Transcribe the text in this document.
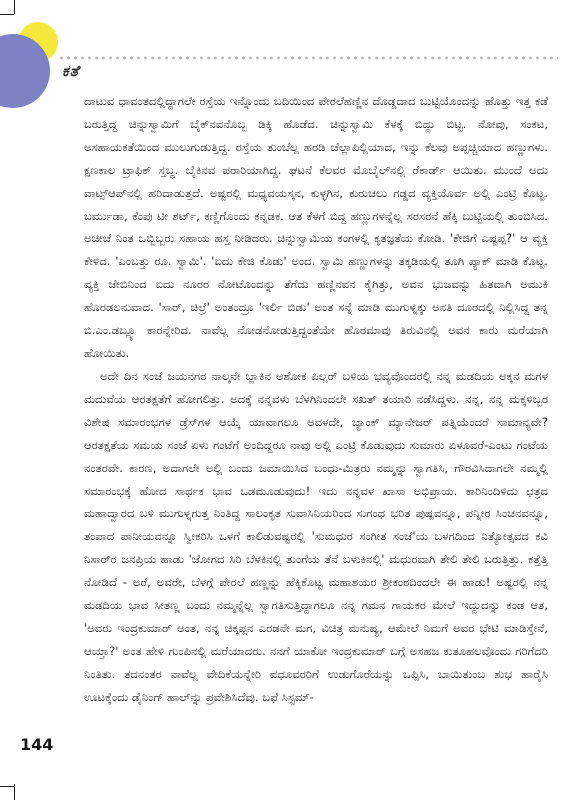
ಕತೆ

ದಾಟುವ ಧಾವಂತದಲ್ಲಿದ್ದಾಗಲೇ ರಸ್ತೆಯ ಇನ್ನೊಂದು ಬದಿಯಿಂದ ಪೇರಲೆಹಣ್ಣಿನ ದೊಡ್ಡದಾದ ಬುಟ್ಟಿಯೊಂದನ್ನು ಹೊತ್ತು ಇತ್ತ ಕಡೆ ಬರುತ್ತಿದ್ದ ಚಿನ್ನುಸ್ವಾಮಿಗೆ ಬೈಕ್‌ನವನೊಬ್ಬ ಡಿಕ್ಕಿ ಹೊಡೆದ. ಚಿನ್ನುಸ್ವಾಮಿ ಕೆಳಕ್ಕೆ ಬಿದ್ದು ಬಿಟ್ಟ. ನೋವು, ಸಂಕಟ, ಅಸಹಾಯಕತೆಯಿಂದ ಮುಲುಗುಡುತ್ತಿದ್ದ. ರಸ್ತೆಯ ತುಂಬೆಲ್ಲ ಹರಡಿ ಚೆಲ್ಲಾಪಿಲ್ಲಿಯಾದ, ಇನ್ನು ಕೆಲವು ಅಪ್ಪಚ್ಚಿಯಾದ ಹಣ್ಣುಗಳು. ಕ್ಷಣಕಾಲ ಟ್ರಾಫಿಕ್ ಸ್ತಬ್ಧ. ಬೈಕಿನವ ಪರಾರಿಯಾಗಿದ್ದ. ಘಟನೆ ಕೆಲವರ ಮೊಬೈಲ್‌ನಲ್ಲಿ ರೆಕಾರ್ಡ್ ಆಯಿತು. ಮುಂದೆ ಅದು ವಾಟ್ಸ್‌ಆಪ್‌ನಲ್ಲಿ ಹರಿದಾಡುತ್ತದೆ. ಅಷ್ಟರಲ್ಲಿ ಮಧ್ಯವಯಸ್ಕನ, ಕುಳ್ಳಗಿನ, ಕುರುಚಲು ಗಡ್ಡದ ವ್ಯಕ್ತಿಯೊರ್ವ ಅಲ್ಲಿ ಎಂಟ್ರಿ ಕೊಟ್ಟ. ಬರ್ಮುಡಾ, ಕೆಂಪು ಟೀ ಶರ್ಟ್, ಕಣ್ಣಿಗೊಂದು ಕನ್ನಡಕ. ಆತ ಕೆಳಗೆ ಬಿದ್ದ ಹಣ್ಣುಗಳನ್ನೆಲ್ಲ ಸರಸರನೆ ಹೆಕ್ಕಿ ಬುಟ್ಟಿಯಲ್ಲಿ ತುಂಬಿಸಿದ. ಅಚೀಚೆ ನಿಂತ ಒಬ್ಬಿಬ್ಬರು ಸಹಾಯ ಹಸ್ತ ನೀಡಿದರು. ಚಿನ್ನುಸ್ವಾಮಿಯ ಕಂಗಳಲ್ಲಿ ಕೃತಜ್ಞತೆಯ ಕೋಡಿ. 'ಕೇಜಿಗೆ ಎಷ್ಟಪ್ಪ?' ಆ ವ್ಯಕ್ತಿ ಕೇಳಿದ. 'ಎಂಬತ್ತು ರೂ. ಸ್ವಾಮಿ'. 'ಐದು ಕೇಜಿ ಕೊಡು' ಅಂದ. ಸ್ವಾಮಿ ಹಣ್ಣುಗಳನ್ನು ತಕ್ಕಡಿಯಲ್ಲಿ ತೂಗಿ ಪ್ಯಾಕ್ ಮಾಡಿ ಕೊಟ್ಟ. ವ್ಯಕ್ತಿ ಜೇಬಿನಿಂದ ಐದು ನೂರರ ನೋಟೊಂದನ್ನು ತೆಗೆದು ಹಣ್ಣಿನವನ ಕೈಗಿತ್ತು, ಅವನ ಭುಜವನ್ನು ಹಿತವಾಗಿ ಅಮುಕಿ ಹೊರಡಲನುವಾದ. 'ಸಾರ್, ಚಿಲ್ರೆ' ಅಂತಂದ್ರೂ 'ಇರ್ಲಿ ಬಿಡು' ಅಂತ ಸನ್ನೆ ಮಾಡಿ ಮುಗುಳ್ನಕ್ಕು ಅನತಿ ದೂರದಲ್ಲಿ ನಿಲ್ಲಿಸಿದ್ದ ತನ್ನ ಬಿ.ಎಂ.ಡಬ್ಲ್ಯೂ ಕಾರನ್ನೇರಿದ. ನಾವೆಲ್ಲ ನೋಡನೋಡುತ್ತಿದ್ದಂತೆಯೇ ಹೊರಮಾವು ತಿರುವಿನಲ್ಲಿ ಅವನ ಕಾರು ಮರೆಯಾಗಿ ಹೋಯಿತು.

ಅದೇ ದಿನ ಸಂಜೆ ಜಯನಗರ ನಾಲ್ಕನೇ ಬ್ಲಾಕಿನ ಅಶೋಕ ಪಿಲ್ಲರ್ ಬಳಿಯ ಭವ್ಯವೊಂದರಲ್ಲಿ ನನ್ನ ಮಡದಿಯ ಅಕ್ಕನ ಮಗಳ ಮದುವೆಯ ಆರತಕ್ಷತೆಗೆ ಹೋಗಲಿತ್ತು. ಅದಕ್ಕೆ ನನ್ನವಳು ಬೆಳಗಿನಿಂದಲೇ ಸಖತ್ ತಯಾರಿ ನಡೆಸಿದ್ದಳು. ನನ್ನ, ನನ್ನ ಮಕ್ಕಳಿಬ್ಬರ ವಿಶೇಷ ಸಮಾರಂಭಗಳ ಡ್ರೆಸ್‌ಗಳ ಆಯ್ಕೆ ಯಾವಾಗಲೂ ಅವಳದೇ, ಬ್ಯಾಂಕ್ ಮ್ಯಾನೇಜರ್ ಪತ್ನಿಯೆಂದರೆ ಸಾಮಾನ್ಯವೇ? ಆರತಕ್ಷತೆಯ ಸಮಯ ಸಂಜೆ ಏಳು ಗಂಟೆಗೆ ಅಂದಿದ್ದರೂ ನಾವು ಅಲ್ಲಿ ಎಂಟ್ರಿ ಕೊಡುವುದು ಸುಮಾರು ಏಳೂವರೆ-ಎಂಟು ಗಂಟೆಯ ನಂತರವೇ. ಕಾರಣ, ಅದಾಗಲೇ ಅಲ್ಲಿ ಬಂದು ಜಮಾಯಿಸಿದ ಬಂಧು-ಮಿತ್ರರು ನಮ್ಮನ್ನು ಸ್ವಾಗತಿಸಿ, ಗೌರವಿಸಿದಾಗಲೇ ನಮ್ಮಲ್ಲಿ ಸಮಾರಂಭಕ್ಕೆ ಹೋದ ಸಾರ್ಥಕ ಭಾವ ಒಡಮೂಡುವುದು! ಇದು ನನ್ನವಳ ಖಾಸಾ ಅಭಿಪ್ರಾಯ. ಕಾರಿನಿಂದಿಳಿದು ಛತ್ರದ ಮಹಾದ್ವಾರದ ಬಳಿ ಮುಗುಳ್ನಗುತ್ತ ನಿಂತಿದ್ದ ಸಾಲಂಕೃತ ಸುವಾಸಿನಿಯರಿಂದ ಸುಗಂಧ ಭರಿತ ಪುಷ್ಪವನ್ನೂ, ಪನ್ನೀರ ಸಿಂಚನವನ್ನೂ, ತಂಪಾದ ಪಾನೀಯವನ್ನೂ ಸ್ವೀಕರಿಸಿ ಒಳಗೆ ಕಾಲಿಡುವಷ್ಟರಲ್ಲಿ 'ಸುಮಧುರ ಸಂಗೀತ ಸಂಜೆ'ಯ ಬಳಗದಿಂದ ನಿತ್ಯೋತ್ಸವದ ಕವಿ ನಿಸಾರ್‌ರ ಜನಪ್ರಿಯ ಹಾಡು 'ಜೋಗದ ಸಿರಿ ಬೆಳಕಿನಲ್ಲಿ ತುಂಗೆಯ ತೆನೆ ಬಳುಕಿನಲ್ಲಿ' ಮಧುರವಾಗಿ ತೇಲಿ ತೇಲಿ ಬರುತ್ತಿತ್ತು. ಕತ್ತೆತ್ತಿ ನೋಡಿದೆ - ಅರೆ, ಅವರೇ, ಬೆಳಗ್ಗೆ ಪೇರಲೆ ಹಣ್ಣನ್ನು ಹೆಕ್ಕಿಕೊಟ್ಟ ಮಹಾಶಯರ ಶ್ರೀಕಂಠದಿಂದಲೇ ಈ ಹಾಡು! ಅಷ್ಟರಲ್ಲಿ ನನ್ನ ಮಡದಿಯ ಭಾವ ಸೀತಣ್ಣ ಬಂದು ನಮ್ಮನ್ನೆಲ್ಲ ಸ್ವಾಗತಿಸುತ್ತಿದ್ದಾಗಲೂ ನನ್ನ ಗಮನ ಗಾಯಕರ ಮೇಲೆ ಇದ್ದುದನ್ನು ಕಂಡ ಆತ, 'ಅವರು ಇಂದ್ರಕುಮಾರ್ ಅಂತ, ನನ್ನ ಚಿಕ್ಕಪ್ಪನ ಎರಡನೇ ಮಗ, ವಿಚಿತ್ರ ಮನುಷ್ಯ, ಆಮೇಲೆ ನಿಮಗೆ ಅವರ ಭೇಟಿ ಮಾಡಿಸ್ತೇನೆ, ಆಯ್ತಾ?' ಅಂತ ಹೇಳಿ ಗುಂಪಿನಲ್ಲಿ ಮರೆಯಾದರು. ನನಗೆ ಯಾಕೋ ಇಂದ್ರಕುಮಾರ್ ಬಗ್ಗೆ ಅಸಹಜ ಕುತೂಹಲವೊಂದು ಗರಿಗೆದರಿ ನಿಂತಿತು. ತದನಂತರ ನಾವೆಲ್ಲ ವೇದಿಕೆಯನ್ನೇರಿ ವಧೂವರರಿಗೆ ಉಡುಗೊರೆಯನ್ನು ಒಪ್ಪಿಸಿ, ಬಾಯಿತುಂಬ ಶುಭ ಹಾರೈಸಿ ಊಟಕ್ಕೆಂದು ಡೈನಿಂಗ್ ಹಾಲ್‌ನ್ನು ಪ್ರವೇಶಿಸಿದೆವು. ಬಫೆ ಸಿಸ್ಟಮ್-

144
